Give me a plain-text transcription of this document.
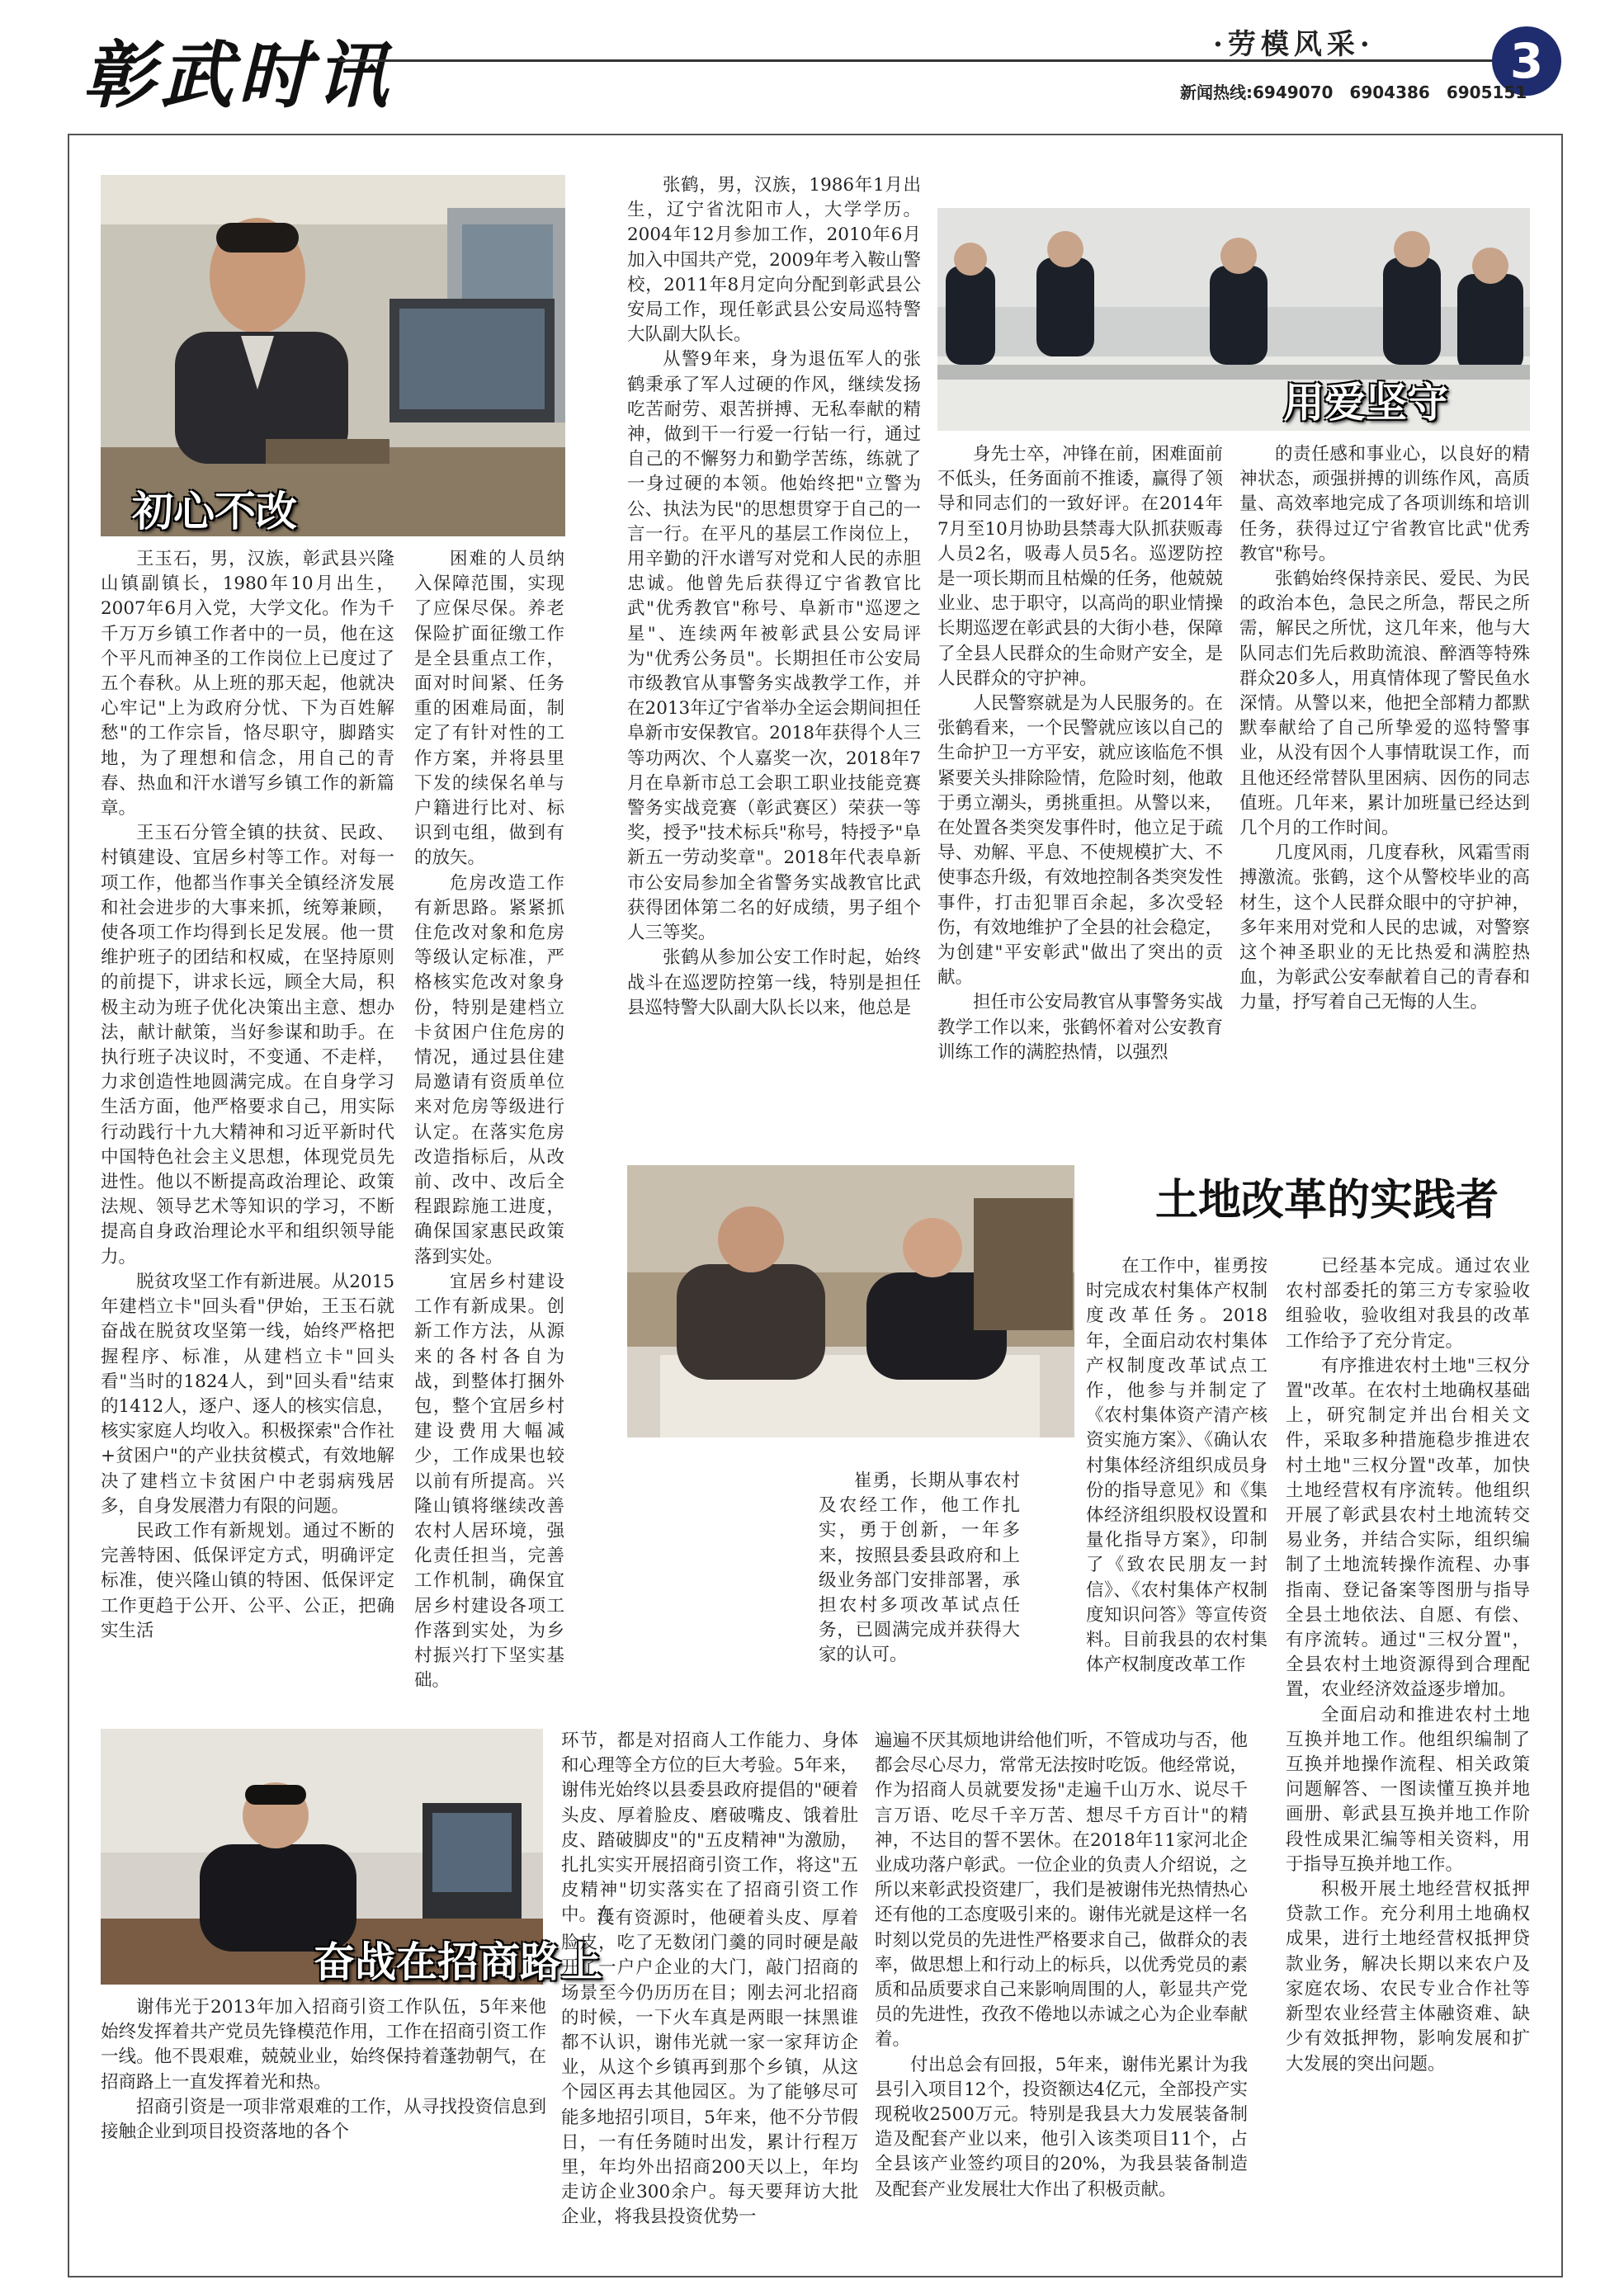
彰武时讯	·劳模风采·	3
新闻热线:6949070　6904386　6905151
初心不改

王玉石，男，汉族，彰武县兴隆山镇副镇长，1980年10月出生，2007年6月入党，大学文化。作为千千万万乡镇工作者中的一员，他在这个平凡而神圣的工作岗位上已度过了五个春秋。从上班的那天起，他就决心牢记"上为政府分忧、下为百姓解愁"的工作宗旨，恪尽职守，脚踏实地，为了理想和信念，用自己的青春、热血和汗水谱写乡镇工作的新篇章。

王玉石分管全镇的扶贫、民政、村镇建设、宜居乡村等工作。对每一项工作，他都当作事关全镇经济发展和社会进步的大事来抓，统筹兼顾，使各项工作均得到长足发展。他一贯维护班子的团结和权威，在坚持原则的前提下，讲求长远，顾全大局，积极主动为班子优化决策出主意、想办法，献计献策，当好参谋和助手。在执行班子决议时，不变通、不走样，力求创造性地圆满完成。在自身学习生活方面，他严格要求自己，用实际行动践行十九大精神和习近平新时代中国特色社会主义思想，体现党员先进性。他以不断提高政治理论、政策法规、领导艺术等知识的学习，不断提高自身政治理论水平和组织领导能力。

脱贫攻坚工作有新进展。从2015年建档立卡"回头看"伊始，王玉石就奋战在脱贫攻坚第一线，始终严格把握程序、标准，从建档立卡"回头看"当时的1824人，到"回头看"结束的1412人，逐户、逐人的核实信息，核实家庭人均收入。积极探索"合作社+贫困户"的产业扶贫模式，有效地解决了建档立卡贫困户中老弱病残居多，自身发展潜力有限的问题。

民政工作有新规划。通过不断的完善特困、低保评定方式，明确评定标准，使兴隆山镇的特困、低保评定工作更趋于公开、公平、公正，把确实生活

困难的人员纳入保障范围，实现了应保尽保。养老保险扩面征缴工作是全县重点工作，面对时间紧、任务重的困难局面，制定了有针对性的工作方案，并将县里下发的续保名单与户籍进行比对、标识到屯组，做到有的放矢。

危房改造工作有新思路。紧紧抓住危改对象和危房等级认定标准，严格核实危改对象身份，特别是建档立卡贫困户住危房的情况，通过县住建局邀请有资质单位来对危房等级进行认定。在落实危房改造指标后，从改前、改中、改后全程跟踪施工进度，确保国家惠民政策落到实处。

宜居乡村建设工作有新成果。创新工作方法，从源来的各村各自为战，到整体打捆外包，整个宜居乡村建设费用大幅减少，工作成果也较以前有所提高。兴隆山镇将继续改善农村人居环境，强化责任担当，完善工作机制，确保宜居乡村建设各项工作落到实处，为乡村振兴打下坚实基础。

张鹤，男，汉族，1986年1月出生，辽宁省沈阳市人，大学学历。2004年12月参加工作，2010年6月加入中国共产党，2009年考入鞍山警校，2011年8月定向分配到彰武县公安局工作，现任彰武县公安局巡特警大队副大队长。

从警9年来，身为退伍军人的张鹤秉承了军人过硬的作风，继续发扬吃苦耐劳、艰苦拼搏、无私奉献的精神，做到干一行爱一行钻一行，通过自己的不懈努力和勤学苦练，练就了一身过硬的本领。他始终把"立警为公、执法为民"的思想贯穿于自己的一言一行。在平凡的基层工作岗位上，用辛勤的汗水谱写对党和人民的赤胆忠诚。他曾先后获得辽宁省教官比武"优秀教官"称号、阜新市"巡逻之星"、连续两年被彰武县公安局评为"优秀公务员"。长期担任市公安局市级教官从事警务实战教学工作，并在2013年辽宁省举办全运会期间担任阜新市安保教官。2018年获得个人三等功两次、个人嘉奖一次，2018年7月在阜新市总工会职工职业技能竞赛警务实战竞赛（彰武赛区）荣获一等奖，授予"技术标兵"称号，特授予"阜新五一劳动奖章"。2018年代表阜新市公安局参加全省警务实战教官比武获得团体第二名的好成绩，男子组个人三等奖。

张鹤从参加公安工作时起，始终战斗在巡逻防控第一线，特别是担任县巡特警大队副大队长以来，他总是

用爱坚守

身先士卒，冲锋在前，困难面前不低头，任务面前不推诿，赢得了领导和同志们的一致好评。在2014年7月至10月协助县禁毒大队抓获贩毒人员2名，吸毒人员5名。巡逻防控是一项长期而且枯燥的任务，他兢兢业业、忠于职守，以高尚的职业情操长期巡逻在彰武县的大街小巷，保障了全县人民群众的生命财产安全，是人民群众的守护神。

人民警察就是为人民服务的。在张鹤看来，一个民警就应该以自己的生命护卫一方平安，就应该临危不惧紧要关头排除险情，危险时刻，他敢于勇立潮头，勇挑重担。从警以来，在处置各类突发事件时，他立足于疏导、劝解、平息、不使规模扩大、不使事态升级，有效地控制各类突发性事件，打击犯罪百余起，多次受轻伤，有效地维护了全县的社会稳定，为创建"平安彰武"做出了突出的贡献。

担任市公安局教官从事警务实战教学工作以来，张鹤怀着对公安教育训练工作的满腔热情，以强烈

的责任感和事业心，以良好的精神状态，顽强拼搏的训练作风，高质量、高效率地完成了各项训练和培训任务，获得过辽宁省教官比武"优秀教官"称号。

张鹤始终保持亲民、爱民、为民的政治本色，急民之所急，帮民之所需，解民之所忧，这几年来，他与大队同志们先后救助流浪、醉酒等特殊群众20多人，用真情体现了警民鱼水深情。从警以来，他把全部精力都默默奉献给了自己所挚爱的巡特警事业，从没有因个人事情耽误工作，而且他还经常替队里困病、因伤的同志值班。几年来，累计加班量已经达到几个月的工作时间。

几度风雨，几度春秋，风霜雪雨搏激流。张鹤，这个从警校毕业的高材生，这个人民群众眼中的守护神，多年来用对党和人民的忠诚，对警察这个神圣职业的无比热爱和满腔热血，为彰武公安奉献着自己的青春和力量，抒写着自己无悔的人生。

土地改革的实践者

在工作中，崔勇按时完成农村集体产权制度改革任务。2018年，全面启动农村集体产权制度改革试点工作，他参与并制定了《农村集体资产清产核资实施方案》、《确认农村集体经济组织成员身份的指导意见》和《集体经济组织股权设置和量化指导方案》，印制了《致农民朋友一封信》、《农村集体产权制度知识问答》等宣传资料。目前我县的农村集体产权制度改革工作

崔勇，长期从事农村及农经工作，他工作扎实，勇于创新，一年多来，按照县委县政府和上级业务部门安排部署，承担农村多项改革试点任务，已圆满完成并获得大家的认可。

已经基本完成。通过农业农村部委托的第三方专家验收组验收，验收组对我县的改革工作给予了充分肯定。

有序推进农村土地"三权分置"改革。在农村土地确权基础上，研究制定并出台相关文件，采取多种措施稳步推进农村土地"三权分置"改革，加快土地经营权有序流转。他组织开展了彰武县农村土地流转交易业务，并结合实际，组织编制了土地流转操作流程、办事指南、登记备案等图册与指导全县土地依法、自愿、有偿、有序流转。通过"三权分置"，全县农村土地资源得到合理配置，农业经济效益逐步增加。

全面启动和推进农村土地互换并地工作。他组织编制了互换并地操作流程、相关政策问题解答、一图读懂互换并地画册、彰武县互换并地工作阶段性成果汇编等相关资料，用于指导互换并地工作。

积极开展土地经营权抵押贷款工作。充分利用土地确权成果，进行土地经营权抵押贷款业务，解决长期以来农户及家庭农场、农民专业合作社等新型农业经营主体融资难、缺少有效抵押物，影响发展和扩大发展的突出问题。

奋战在招商路上

谢伟光于2013年加入招商引资工作队伍，5年来他始终发挥着共产党员先锋模范作用，工作在招商引资工作一线。他不畏艰难，兢兢业业，始终保持着蓬勃朝气，在招商路上一直发挥着光和热。

招商引资是一项非常艰难的工作，从寻找投资信息到接触企业到项目投资落地的各个

环节，都是对招商人工作能力、身体和心理等全方位的巨大考验。5年来，谢伟光始终以县委县政府提倡的"硬着头皮、厚着脸皮、磨破嘴皮、饿着肚皮、踏破脚皮"的"五皮精神"为激励，扎扎实实开展招商引资工作，将这"五皮精神"切实落实在了招商引资工作中。在

没有资源时，他硬着头皮、厚着脸皮，吃了无数闭门羹的同时硬是敲开了一户户企业的大门，敲门招商的场景至今仍历历在目；刚去河北招商的时候，一下火车真是两眼一抹黑谁都不认识，谢伟光就一家一家拜访企业，从这个乡镇再到那个乡镇，从这个园区再去其他园区。为了能够尽可能多地招引项目，5年来，他不分节假日，一有任务随时出发，累计行程万里，年均外出招商200天以上，年均走访企业300余户。每天要拜访大批企业，将我县投资优势一

遍遍不厌其烦地讲给他们听，不管成功与否，他都会尽心尽力，常常无法按时吃饭。他经常说，作为招商人员就要发扬"走遍千山万水、说尽千言万语、吃尽千辛万苦、想尽千方百计"的精神，不达目的誓不罢休。在2018年11家河北企业成功落户彰武。一位企业的负责人介绍说，之所以来彰武投资建厂，我们是被谢伟光热情热心还有他的工态度吸引来的。谢伟光就是这样一名时刻以党员的先进性严格要求自己，做群众的表率，做思想上和行动上的标兵，以优秀党员的素质和品质要求自己来影响周围的人，彰显共产党员的先进性，孜孜不倦地以赤诚之心为企业奉献着。

付出总会有回报，5年来，谢伟光累计为我县引入项目12个，投资额达4亿元，全部投产实现税收2500万元。特别是我县大力发展装备制造及配套产业以来，他引入该类项目11个，占全县该产业签约项目的20%，为我县装备制造及配套产业发展壮大作出了积极贡献。
